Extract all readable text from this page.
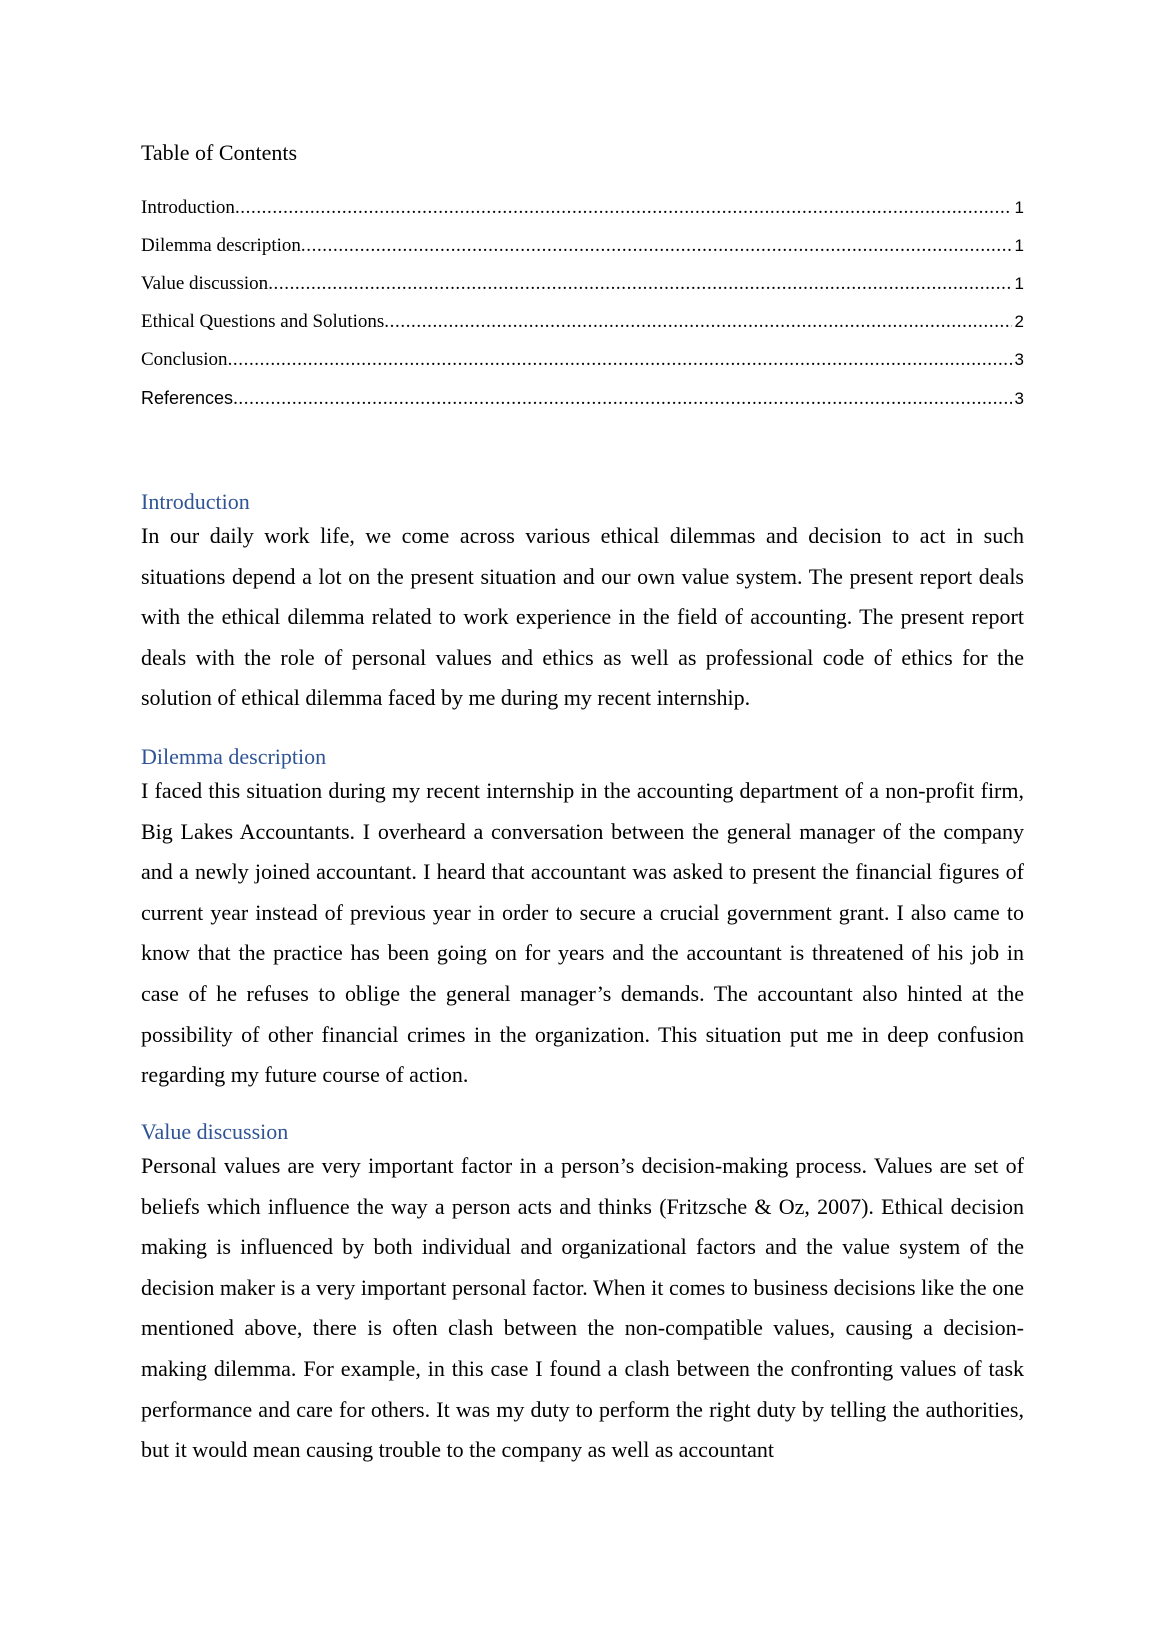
Table of Contents
Introduction .....	1
Dilemma description .....	1
Value discussion .....	1
Ethical Questions and Solutions .....	2
Conclusion .....	3
References .....	3
Introduction

In our daily work life, we come across various ethical dilemmas and decision to act in such situations depend a lot on the present situation and our own value system. The present report deals with the ethical dilemma related to work experience in the field of accounting. The present report deals with the role of personal values and ethics as well as professional code of ethics for the solution of ethical dilemma faced by me during my recent internship.

Dilemma description

I faced this situation during my recent internship in the accounting department of a non-profit firm, Big Lakes Accountants. I overheard a conversation between the general manager of the company and a newly joined accountant. I heard that accountant was asked to present the financial figures of current year instead of previous year in order to secure a crucial government grant. I also came to know that the practice has been going on for years and the accountant is threatened of his job in case of he refuses to oblige the general manager’s demands. The accountant also hinted at the possibility of other financial crimes in the organization. This situation put me in deep confusion regarding my future course of action.

Value discussion

Personal values are very important factor in a person’s decision-making process. Values are set of beliefs which influence the way a person acts and thinks (Fritzsche & Oz, 2007). Ethical decision making is influenced by both individual and organizational factors and the value system of the decision maker is a very important personal factor. When it comes to business decisions like the one mentioned above, there is often clash between the non-compatible values, causing a decision-making dilemma. For example, in this case I found a clash between the confronting values of task performance and care for others. It was my duty to perform the right duty by telling the authorities, but it would mean causing trouble to the company as well as accountant
